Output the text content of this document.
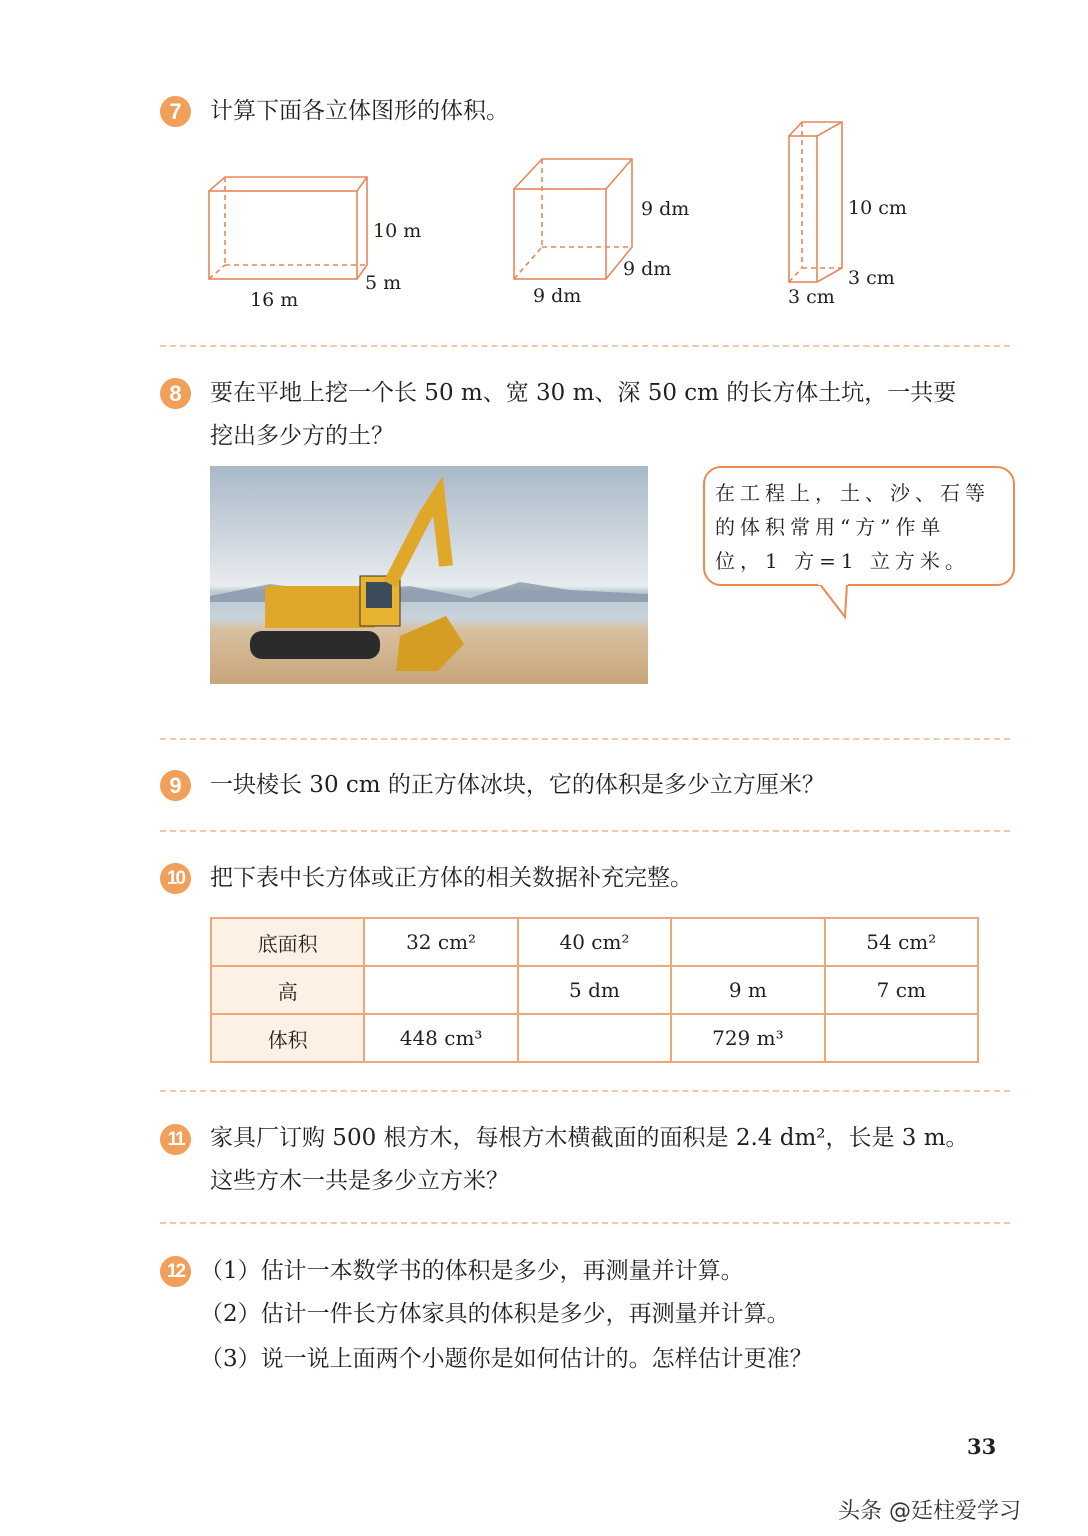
7	计算下面各立体图形的体积。
10 m
5 m
16 m
9 dm
9 dm
9 dm
10 cm
3 cm
3 cm
8	要在平地上挖一个长 50 m、宽 30 m、深 50 cm 的长方体土坑，一共要
挖出多少方的土？
在工程上，土、沙、石等
的体积常用“方”作单
位，1 方=1 立方米。
9	一块棱长 30 cm 的正方体冰块，它的体积是多少立方厘米？
10	把下表中长方体或正方体的相关数据补充完整。
底面积	32 cm²	40 cm²		54 cm²
高		5 dm	9 m	7 cm
体积	448 cm³		729 m³	
11	家具厂订购 500 根方木，每根方木横截面的面积是 2.4 dm²，长是 3 m。
这些方木一共是多少立方米？
12 （1）估计一本数学书的体积是多少，再测量并计算。
（2）估计一件长方体家具的体积是多少，再测量并计算。
（3）说一说上面两个小题你是如何估计的。怎样估计更准？
33
头条 @廷柱爱学习
